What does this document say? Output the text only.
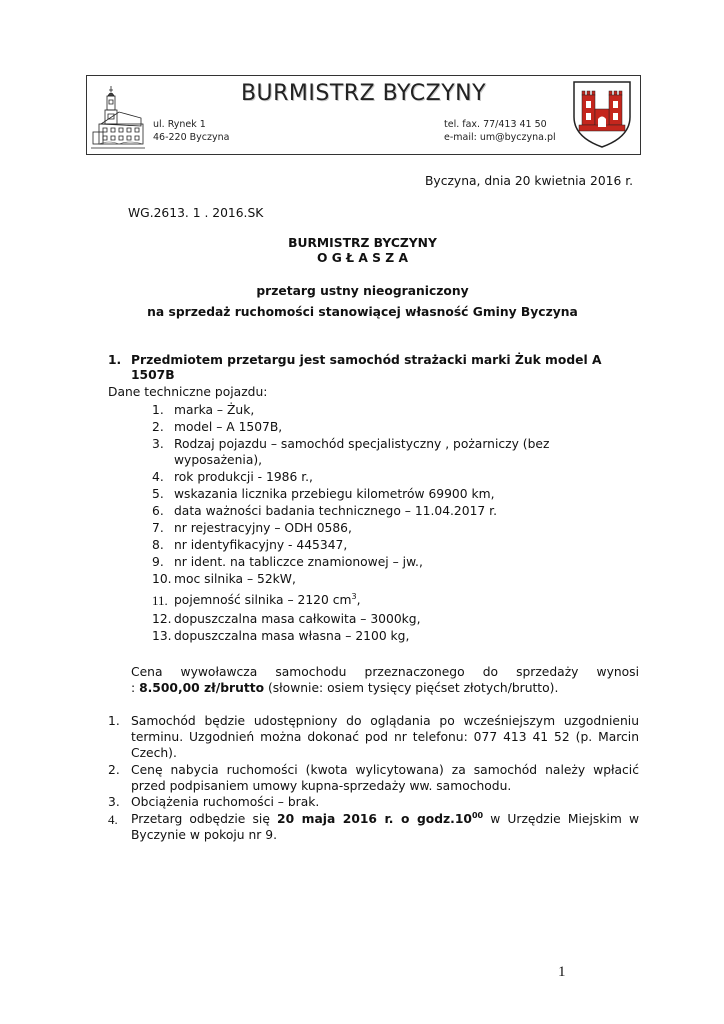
BURMISTRZ BYCZYNY
ul. Rynek 1
46-220 Byczyna
tel. fax. 77/413 41 50
e-mail: um@byczyna.pl
Byczyna, dnia 20 kwietnia 2016 r.
WG.2613. 1 . 2016.SK
BURMISTRZ BYCZYNY
O G Ł A S Z A
przetarg ustny nieograniczony
na sprzedaż ruchomości stanowiącej własność Gminy Byczyna
1. Przedmiotem przetargu jest samochód strażacki marki Żuk model A
1507B
Dane techniczne pojazdu:
1. marka – Żuk,
2. model – A 1507B,
3. Rodzaj pojazdu – samochód specjalistyczny , pożarniczy (bez
wyposażenia),
4. rok produkcji - 1986 r.,
5. wskazania licznika przebiegu kilometrów 69900 km,
6. data ważności badania technicznego – 11.04.2017 r.
7. nr rejestracyjny – ODH 0586,
8. nr identyfikacyjny - 445347,
9. nr ident. na tabliczce znamionowej – jw.,
10. moc silnika – 52kW,
11. pojemność silnika – 2120 $cm^3$,
12. dopuszczalna masa całkowita – 3000kg,
13. dopuszczalna masa własna – 2100 kg,
Cena wywoławcza samochodu przeznaczonego do sprzedaży wynosi
: 8.500,00 zł/brutto (słownie: osiem tysięcy pięćset złotych/brutto).
1. Samochód będzie udostępniony do oglądania po wcześniejszym uzgodnieniu
terminu. Uzgodnień można dokonać pod nr telefonu: 077 413 41 52 (p. Marcin
Czech).
2. Cenę nabycia ruchomości (kwota wylicytowana) za samochód należy wpłacić
przed podpisaniem umowy kupna-sprzedaży ww. samochodu.
3. Obciążenia ruchomości – brak.
4. Przetarg odbędzie się 20 maja 2016 r. o $godz.10^{00}$ w Urzędzie Miejskim w
Byczynie w pokoju nr 9.
1
